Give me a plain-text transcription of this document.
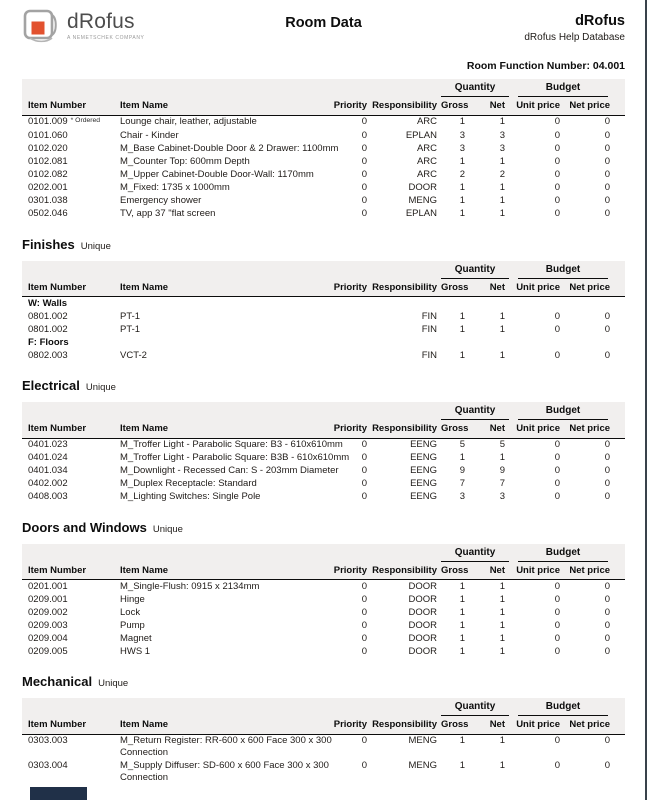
dRofus
A NEMETSCHEK COMPANY
Room Data	dRofus
dRofus Help Database
Room Function Number: 04.001

				Quantity		Budget	

Item Number	Item Name	Priority	Responsibility	Gross	Net	Unit price	Net price
0101.009 $^{* Ordered}$	Lounge chair, leather, adjustable	0	ARC	1	1	0	0
0101.060	Chair - Kinder	0	EPLAN	3	3	0	0
0102.020	M_Base Cabinet-Double Door & 2 Drawer: 1100mm	0	ARC	3	3	0	0
0102.081	M_Counter Top: 600mm Depth	0	ARC	1	1	0	0
0102.082	M_Upper Cabinet-Double Door-Wall: 1170mm	0	ARC	2	2	0	0
0202.001	M_Fixed: 1735 x 1000mm	0	DOOR	1	1	0	0
0301.038	Emergency shower	0	MENG	1	1	0	0
0502.046	TV, app 37 "flat screen	0	EPLAN	1	1	0	0
Finishes Unique

				Quantity		Budget	

Item Number	Item Name	Priority	Responsibility	Gross	Net	Unit price	Net price
W: Walls							
0801.002	PT-1		FIN	1	1	0	0
0801.002	PT-1		FIN	1	1	0	0
F: Floors							
0802.003	VCT-2		FIN	1	1	0	0
Electrical Unique

				Quantity		Budget	

Item Number	Item Name	Priority	Responsibility	Gross	Net	Unit price	Net price
0401.023	M_Troffer Light - Parabolic Square: B3 - 610x610mm	0	EENG	5	5	0	0
0401.024	M_Troffer Light - Parabolic Square: B3B - 610x610mm	0	EENG	1	1	0	0
0401.034	M_Downlight - Recessed Can: S - 203mm Diameter	0	EENG	9	9	0	0
0402.002	M_Duplex Receptacle: Standard	0	EENG	7	7	0	0
0408.003	M_Lighting Switches: Single Pole	0	EENG	3	3	0	0
Doors and Windows Unique

				Quantity		Budget	

Item Number	Item Name	Priority	Responsibility	Gross	Net	Unit price	Net price
0201.001	M_Single-Flush: 0915 x 2134mm	0	DOOR	1	1	0	0
0209.001	Hinge	0	DOOR	1	1	0	0
0209.002	Lock	0	DOOR	1	1	0	0
0209.003	Pump	0	DOOR	1	1	0	0
0209.004	Magnet	0	DOOR	1	1	0	0
0209.005	HWS 1	0	DOOR	1	1	0	0
Mechanical Unique

				Quantity		Budget	

Item Number	Item Name	Priority	Responsibility	Gross	Net	Unit price	Net price
0303.003	M_Return Register: RR-600 x 600 Face 300 x 300
Connection	0	MENG	1	1	0	0
0303.004	M_Supply Diffuser: SD-600 x 600 Face 300 x 300
Connection	0	MENG	1	1	0	0
